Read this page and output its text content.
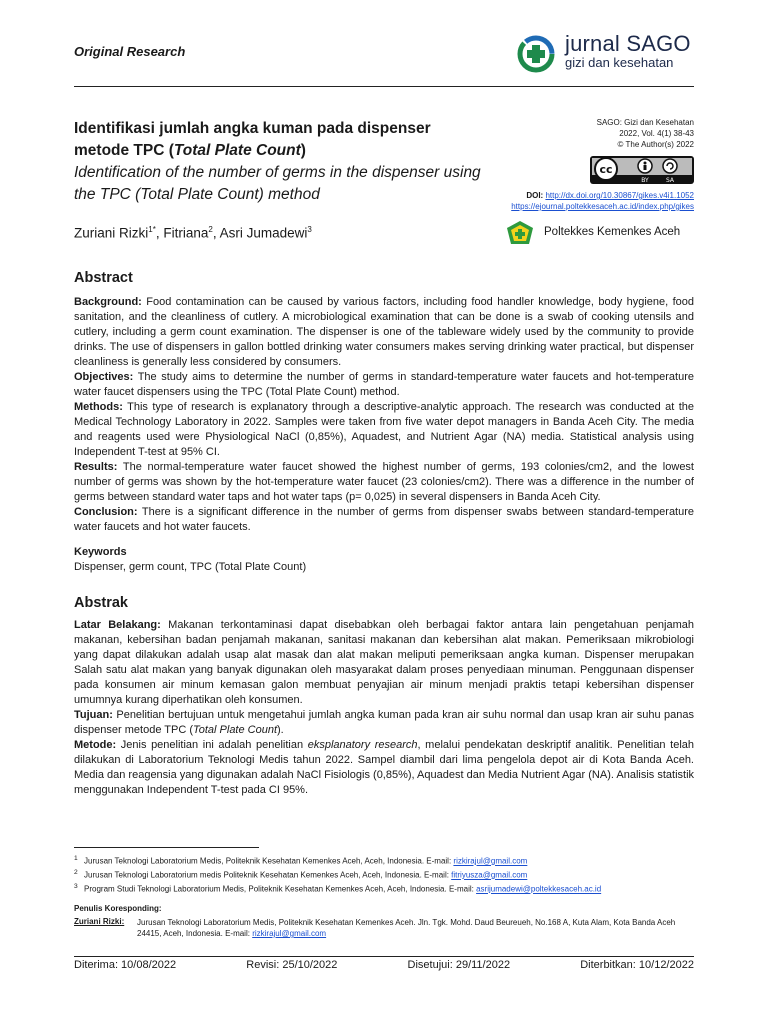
Original Research	jurnal SAGO
gizi dan kesehatan
Identifikasi jumlah angka kuman pada dispenser metode TPC (Total Plate Count)
Identification of the number of germs in the dispenser using the TPC (Total Plate Count) method
Zuriani Rizki$^{1*}$, Fitriana$^2$, Asri Jumadewi$^3$
SAGO: Gizi dan Kesehatan
2022, Vol. 4(1) 38-43
© The Author(s) 2022
cc
BY	SA
DOI: http://dx.doi.org/10.30867/gikes.v4i1.1052
https://ejournal.poltekkesaceh.ac.id/index.php/gikes
Poltekkes Kemenkes Aceh
Abstract
Background: Food contamination can be caused by various factors, including food handler knowledge, body hygiene, food sanitation, and the cleanliness of cutlery. A microbiological examination that can be done is a swab of cooking utensils and cutlery, including a germ count examination. The dispenser is one of the tableware widely used by the community to provide drinks. The use of dispensers in gallon bottled drinking water consumers makes serving drinking water practical, but dispenser cleanliness is generally less considered by consumers.
Objectives: The study aims to determine the number of germs in standard-temperature water faucets and hot-temperature water faucet dispensers using the TPC (Total Plate Count) method.
Methods: This type of research is explanatory through a descriptive-analytic approach. The research was conducted at the Medical Technology Laboratory in 2022. Samples were taken from five water depot managers in Banda Aceh City. The media and reagents used were Physiological NaCl (0,85%), Aquadest, and Nutrient Agar (NA) media. Statistical analysis using Independent T-test at 95% CI.
Results: The normal-temperature water faucet showed the highest number of germs, 193 colonies/cm2, and the lowest number of germs was shown by the hot-temperature water faucet (23 colonies/cm2). There was a difference in the number of germs between standard water taps and hot water taps (p= 0,025) in several dispensers in Banda Aceh City.
Conclusion: There is a significant difference in the number of germs from dispenser swabs between standard-temperature water faucets and hot water faucets.
Keywords
Dispenser, germ count, TPC (Total Plate Count)
Abstrak
Latar Belakang: Makanan terkontaminasi dapat disebabkan oleh berbagai faktor antara lain pengetahuan penjamah makanan, kebersihan badan penjamah makanan, sanitasi makanan dan kebersihan alat makan. Pemeriksaan mikrobiologi yang dapat dilakukan adalah usap alat masak dan alat makan meliputi pemeriksaan angka kuman. Dispenser merupakan Salah satu alat makan yang banyak digunakan oleh masyarakat dalam proses penyediaan minuman. Penggunaan dispenser pada konsumen air minum kemasan galon membuat penyajian air minum menjadi praktis tetapi kebersihan dispenser umumnya kurang diperhatikan oleh konsumen.
Tujuan: Penelitian bertujuan untuk mengetahui jumlah angka kuman pada kran air suhu normal dan usap kran air suhu panas dispenser metode TPC (Total Plate Count).
Metode: Jenis penelitian ini adalah penelitian eksplanatory research, melalui pendekatan deskriptif analitik. Penelitian telah dilakukan di Laboratorium Teknologi Medis tahun 2022. Sampel diambil dari lima pengelola depot air di Kota Banda Aceh. Media dan reagensia yang digunakan adalah NaCl Fisiologis (0,85%), Aquadest dan Media Nutrient Agar (NA). Analisis statistik menggunakan Independent T-test pada CI 95%.
$^1$ Jurusan Teknologi Laboratorium Medis, Politeknik Kesehatan Kemenkes Aceh, Aceh, Indonesia. E-mail: rizkirajul@gmail.com
$^2$ Jurusan Teknologi Laboratorium medis Politeknik Kesehatan Kemenkes Aceh, Aceh, Indonesia. E-mail: fitriyusza@gmail.com
$^3$ Program Studi Teknologi Laboratorium Medis, Politeknik Kesehatan Kemenkes Aceh, Aceh, Indonesia. E-mail: asrijumadewi@poltekkesaceh.ac.id
Penulis Koresponding:
Zuriani Rizki: Jurusan Teknologi Laboratorium Medis, Politeknik Kesehatan Kemenkes Aceh. Jln. Tgk. Mohd. Daud Beureueh, No.168 A, Kuta Alam, Kota Banda Aceh 24415, Aceh, Indonesia. E-mail: rizkirajul@gmail.com
Diterima: 10/08/2022	Revisi: 25/10/2022	Disetujui: 29/11/2022	Diterbitkan: 10/12/2022
